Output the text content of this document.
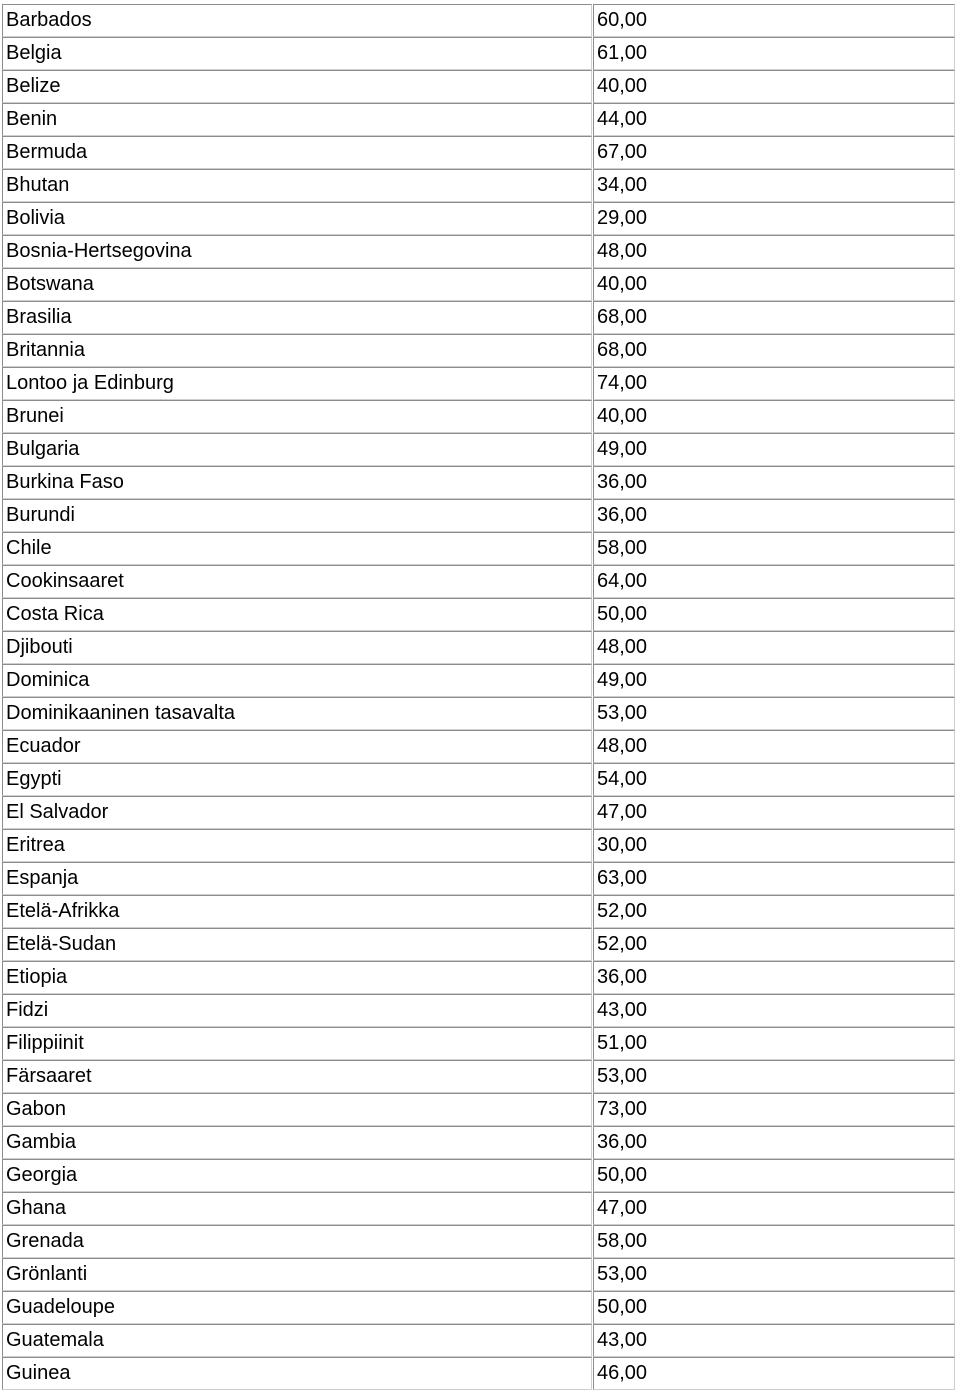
Barbados	60,00
Belgia	61,00
Belize	40,00
Benin	44,00
Bermuda	67,00
Bhutan	34,00
Bolivia	29,00
Bosnia-Hertsegovina	48,00
Botswana	40,00
Brasilia	68,00
Britannia	68,00
Lontoo ja Edinburg	74,00
Brunei	40,00
Bulgaria	49,00
Burkina Faso	36,00
Burundi	36,00
Chile	58,00
Cookinsaaret	64,00
Costa Rica	50,00
Djibouti	48,00
Dominica	49,00
Dominikaaninen tasavalta	53,00
Ecuador	48,00
Egypti	54,00
El Salvador	47,00
Eritrea	30,00
Espanja	63,00
Etelä-Afrikka	52,00
Etelä-Sudan	52,00
Etiopia	36,00
Fidzi	43,00
Filippiinit	51,00
Färsaaret	53,00
Gabon	73,00
Gambia	36,00
Georgia	50,00
Ghana	47,00
Grenada	58,00
Grönlanti	53,00
Guadeloupe	50,00
Guatemala	43,00
Guinea	46,00
